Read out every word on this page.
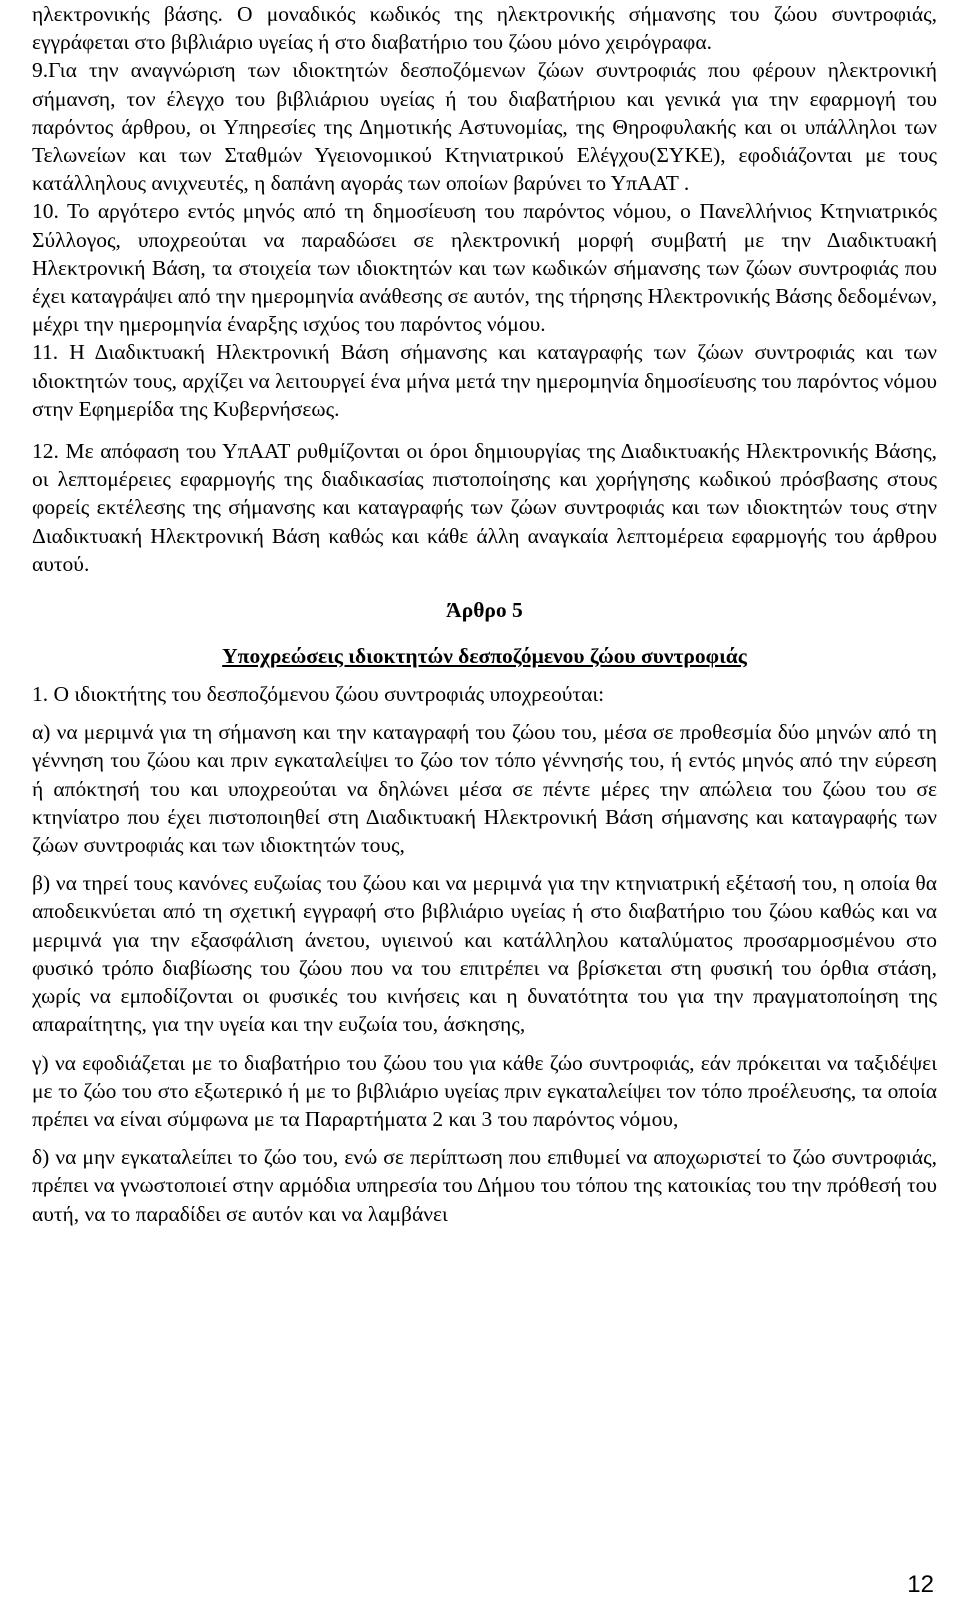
ηλεκτρονικής βάσης. Ο μοναδικός κωδικός της ηλεκτρονικής σήμανσης του ζώου συντροφιάς, εγγράφεται στο βιβλιάριο υγείας ή στο διαβατήριο του ζώου μόνο χειρόγραφα.

9.Για την αναγνώριση των ιδιοκτητών δεσποζόμενων ζώων συντροφιάς που φέρουν ηλεκτρονική σήμανση, τον έλεγχο του βιβλιάριου υγείας ή του διαβατήριου και γενικά για την εφαρμογή του παρόντος άρθρου, οι Υπηρεσίες της Δημοτικής Αστυνομίας, της Θηροφυλακής και οι υπάλληλοι των Τελωνείων και των Σταθμών Υγειονομικού Κτηνιατρικού Ελέγχου(ΣΥΚΕ), εφοδιάζονται με τους κατάλληλους ανιχνευτές, η δαπάνη αγοράς των οποίων βαρύνει το ΥπΑΑΤ .

10. Το αργότερο εντός μηνός από τη δημοσίευση του παρόντος νόμου, ο Πανελλήνιος Κτηνιατρικός Σύλλογος, υποχρεούται να παραδώσει σε ηλεκτρονική μορφή συμβατή με την Διαδικτυακή Ηλεκτρονική Βάση, τα στοιχεία των ιδιοκτητών και των κωδικών σήμανσης των ζώων συντροφιάς που έχει καταγράψει από την ημερομηνία ανάθεσης σε αυτόν, της τήρησης Ηλεκτρονικής Βάσης δεδομένων, μέχρι την ημερομηνία έναρξης ισχύος του παρόντος νόμου.

11. Η Διαδικτυακή Ηλεκτρονική Βάση σήμανσης και καταγραφής των ζώων συντροφιάς και των ιδιοκτητών τους, αρχίζει να λειτουργεί ένα μήνα μετά την ημερομηνία δημοσίευσης του παρόντος νόμου στην Εφημερίδα της Κυβερνήσεως.

12. Με απόφαση του ΥπΑΑΤ ρυθμίζονται οι όροι δημιουργίας της Διαδικτυακής Ηλεκτρονικής Βάσης, οι λεπτομέρειες εφαρμογής της διαδικασίας πιστοποίησης και χορήγησης κωδικού πρόσβασης στους φορείς εκτέλεσης της σήμανσης και καταγραφής των ζώων συντροφιάς και των ιδιοκτητών τους στην Διαδικτυακή Ηλεκτρονική Βάση καθώς και κάθε άλλη αναγκαία λεπτομέρεια εφαρμογής του άρθρου αυτού.

Άρθρο 5

Υποχρεώσεις ιδιοκτητών δεσποζόμενου ζώου συντροφιάς

1. Ο ιδιοκτήτης του δεσποζόμενου ζώου συντροφιάς υποχρεούται:

α) να μεριμνά για τη σήμανση και την καταγραφή του ζώου του, μέσα σε προθεσμία δύο μηνών από τη γέννηση του ζώου και πριν εγκαταλείψει το ζώο τον τόπο γέννησής του, ή εντός μηνός από την εύρεση ή απόκτησή του και υποχρεούται να δηλώνει μέσα σε πέντε μέρες την απώλεια του ζώου του σε κτηνίατρο που έχει πιστοποιηθεί στη Διαδικτυακή Ηλεκτρονική Βάση σήμανσης και καταγραφής των ζώων συντροφιάς και των ιδιοκτητών τους,

β) να τηρεί τους κανόνες ευζωίας του ζώου και να μεριμνά για την κτηνιατρική εξέτασή του, η οποία θα αποδεικνύεται από τη σχετική εγγραφή στο βιβλιάριο υγείας ή στο διαβατήριο του ζώου καθώς και να μεριμνά για την εξασφάλιση άνετου, υγιεινού και κατάλληλου καταλύματος προσαρμοσμένου στο φυσικό τρόπο διαβίωσης του ζώου που να του επιτρέπει να βρίσκεται στη φυσική του όρθια στάση, χωρίς να εμποδίζονται οι φυσικές του κινήσεις και η δυνατότητα του για την πραγματοποίηση της απαραίτητης, για την υγεία και την ευζωία του, άσκησης,

γ) να εφοδιάζεται με το διαβατήριο του ζώου του για κάθε ζώο συντροφιάς, εάν πρόκειται να ταξιδέψει με το ζώο του στο εξωτερικό ή με το βιβλιάριο υγείας πριν εγκαταλείψει τον τόπο προέλευσης, τα οποία πρέπει να είναι σύμφωνα με τα Παραρτήματα 2 και 3 του παρόντος νόμου,

δ) να μην εγκαταλείπει το ζώο του, ενώ σε περίπτωση που επιθυμεί να αποχωριστεί το ζώο συντροφιάς, πρέπει να γνωστοποιεί στην αρμόδια υπηρεσία του Δήμου του τόπου της κατοικίας του την πρόθεσή του αυτή, να το παραδίδει σε αυτόν και να λαμβάνει

12
